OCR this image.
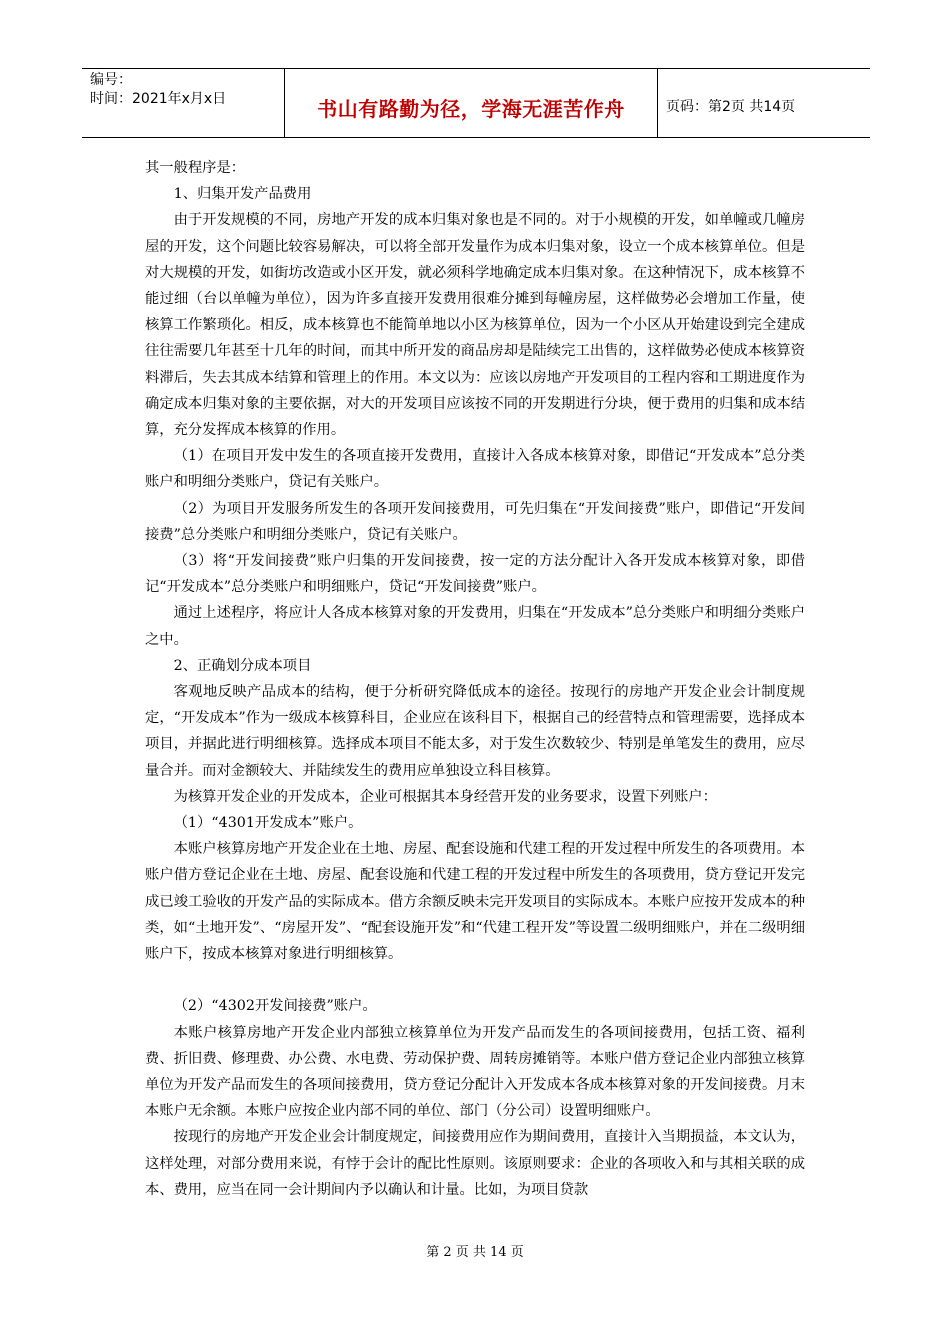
编号：
时间：2021年x月x日	书山有路勤为径，学海无涯苦作舟	页码：第2页 共14页

其一般程序是：

1、归集开发产品费用

由于开发规模的不同，房地产开发的成本归集对象也是不同的。对于小规模的开发，如单幢或几幢房屋的开发，这个问题比较容易解决，可以将全部开发量作为成本归集对象，设立一个成本核算单位。但是对大规模的开发，如街坊改造或小区开发，就必须科学地确定成本归集对象。在这种情况下，成本核算不能过细（台以单幢为单位），因为许多直接开发费用很难分摊到每幢房屋，这样做势必会增加工作量，使核算工作繁琐化。相反，成本核算也不能简单地以小区为核算单位，因为一个小区从开始建设到完全建成往往需要几年甚至十几年的时间，而其中所开发的商品房却是陆续完工出售的，这样做势必使成本核算资料滞后，失去其成本结算和管理上的作用。本文以为：应该以房地产开发项目的工程内容和工期进度作为确定成本归集对象的主要依据，对大的开发项目应该按不同的开发期进行分块，便于费用的归集和成本结算，充分发挥成本核算的作用。

（1）在项目开发中发生的各项直接开发费用，直接计入各成本核算对象，即借记“开发成本”总分类账户和明细分类账户，贷记有关账户。

（2）为项目开发服务所发生的各项开发间接费用，可先归集在“开发间接费”账户，即借记“开发间接费”总分类账户和明细分类账户，贷记有关账户。

（3）将“开发间接费”账户归集的开发间接费，按一定的方法分配计入各开发成本核算对象，即借记“开发成本”总分类账户和明细账户，贷记“开发间接费”账户。

通过上述程序，将应计人各成本核算对象的开发费用，归集在“开发成本”总分类账户和明细分类账户之中。

2、正确划分成本项目

客观地反映产品成本的结构，便于分析研究降低成本的途径。按现行的房地产开发企业会计制度规定，“开发成本”作为一级成本核算科目，企业应在该科目下，根据自己的经营特点和管理需要，选择成本项目，并据此进行明细核算。选择成本项目不能太多，对于发生次数较少、特别是单笔发生的费用，应尽量合并。而对金额较大、并陆续发生的费用应单独设立科目核算。

为核算开发企业的开发成本，企业可根据其本身经营开发的业务要求，设置下列账户：

（1）“4301开发成本”账户。

本账户核算房地产开发企业在土地、房屋、配套设施和代建工程的开发过程中所发生的各项费用。本账户借方登记企业在土地、房屋、配套设施和代建工程的开发过程中所发生的各项费用，贷方登记开发完成已竣工验收的开发产品的实际成本。借方余额反映未完开发项目的实际成本。本账户应按开发成本的种类，如“土地开发”、“房屋开发”、“配套设施开发”和“代建工程开发”等设置二级明细账户，并在二级明细账户下，按成本核算对象进行明细核算。

（2）“4302开发间接费”账户。

本账户核算房地产开发企业内部独立核算单位为开发产品而发生的各项间接费用，包括工资、福利费、折旧费、修理费、办公费、水电费、劳动保护费、周转房摊销等。本账户借方登记企业内部独立核算单位为开发产品而发生的各项间接费用，贷方登记分配计入开发成本各成本核算对象的开发间接费。月末本账户无余额。本账户应按企业内部不同的单位、部门（分公司）设置明细账户。

按现行的房地产开发企业会计制度规定，间接费用应作为期间费用，直接计入当期损益，本文认为，这样处理，对部分费用来说，有悖于会计的配比性原则。该原则要求：企业的各项收入和与其相关联的成本、费用，应当在同一会计期间内予以确认和计量。比如，为项目贷款

第 2 页 共 14 页
